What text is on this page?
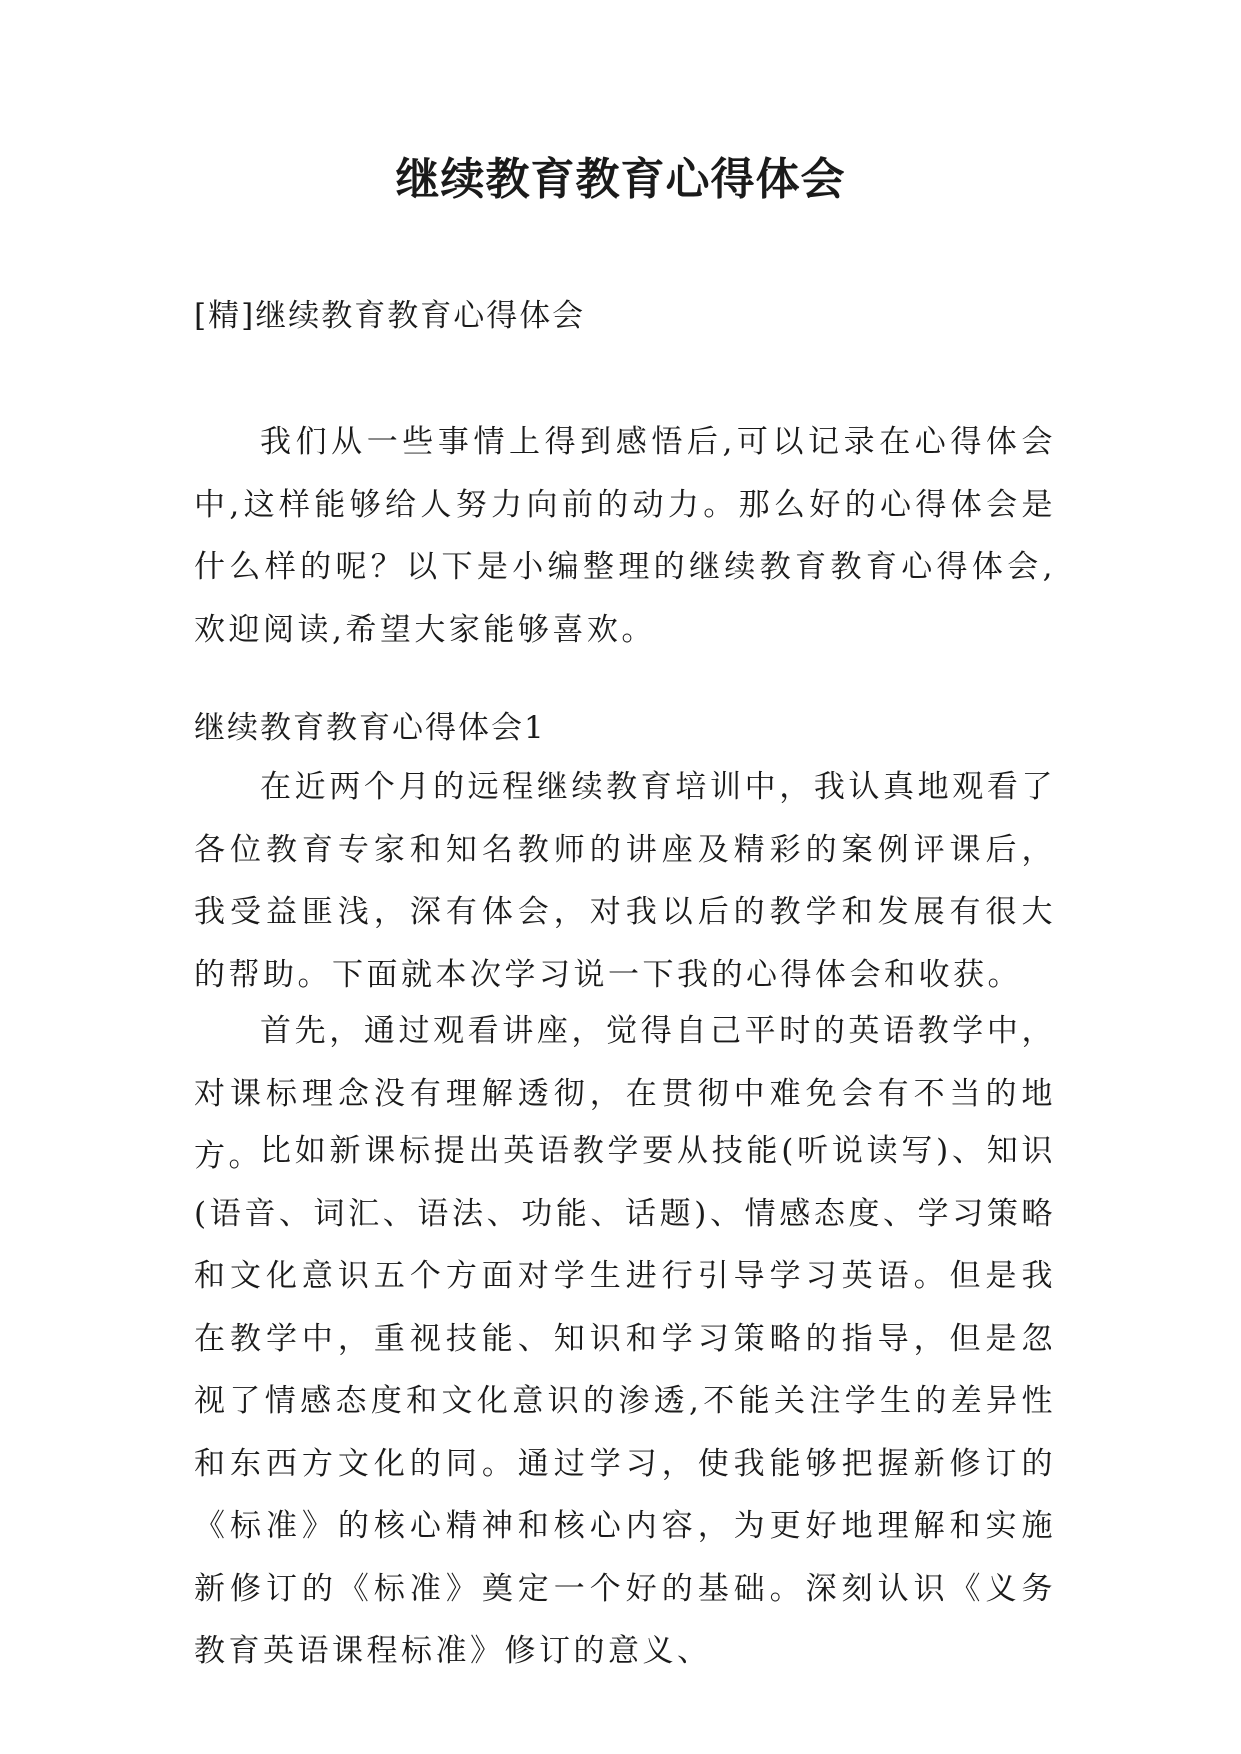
继续教育教育心得体会
[精]继续教育教育心得体会
我们从一些事情上得到感悟后,可以记录在心得体会中,这样能够给人努力向前的动力。那么好的心得体会是什么样的呢？以下是小编整理的继续教育教育心得体会,欢迎阅读,希望大家能够喜欢。
继续教育教育心得体会1
在近两个月的远程继续教育培训中，我认真地观看了各位教育专家和知名教师的讲座及精彩的案例评课后，我受益匪浅，深有体会，对我以后的教学和发展有很大的帮助。下面就本次学习说一下我的心得体会和收获。
首先，通过观看讲座，觉得自己平时的英语教学中，对课标理念没有理解透彻，在贯彻中难免会有不当的地方。
比如新课标提出英语教学要从技能(听说读写)、知识(语音、词汇、语法、功能、话题)、情感态度、学习策略和文化意识五个方面对学生进行引导学习英语。但是我在教学中，重视技能、知识和学习策略的指导，但是忽视了情感态度和文化意识的渗透,不能关注学生的差异性和东西方文化的同。通过学习，使我能够把握新修订的《标准》的核心精神和核心内容，为更好地理解和实施新修订的《标准》奠定一个好的基础。深刻认识《义务教育英语课程标准》修订的意义、
